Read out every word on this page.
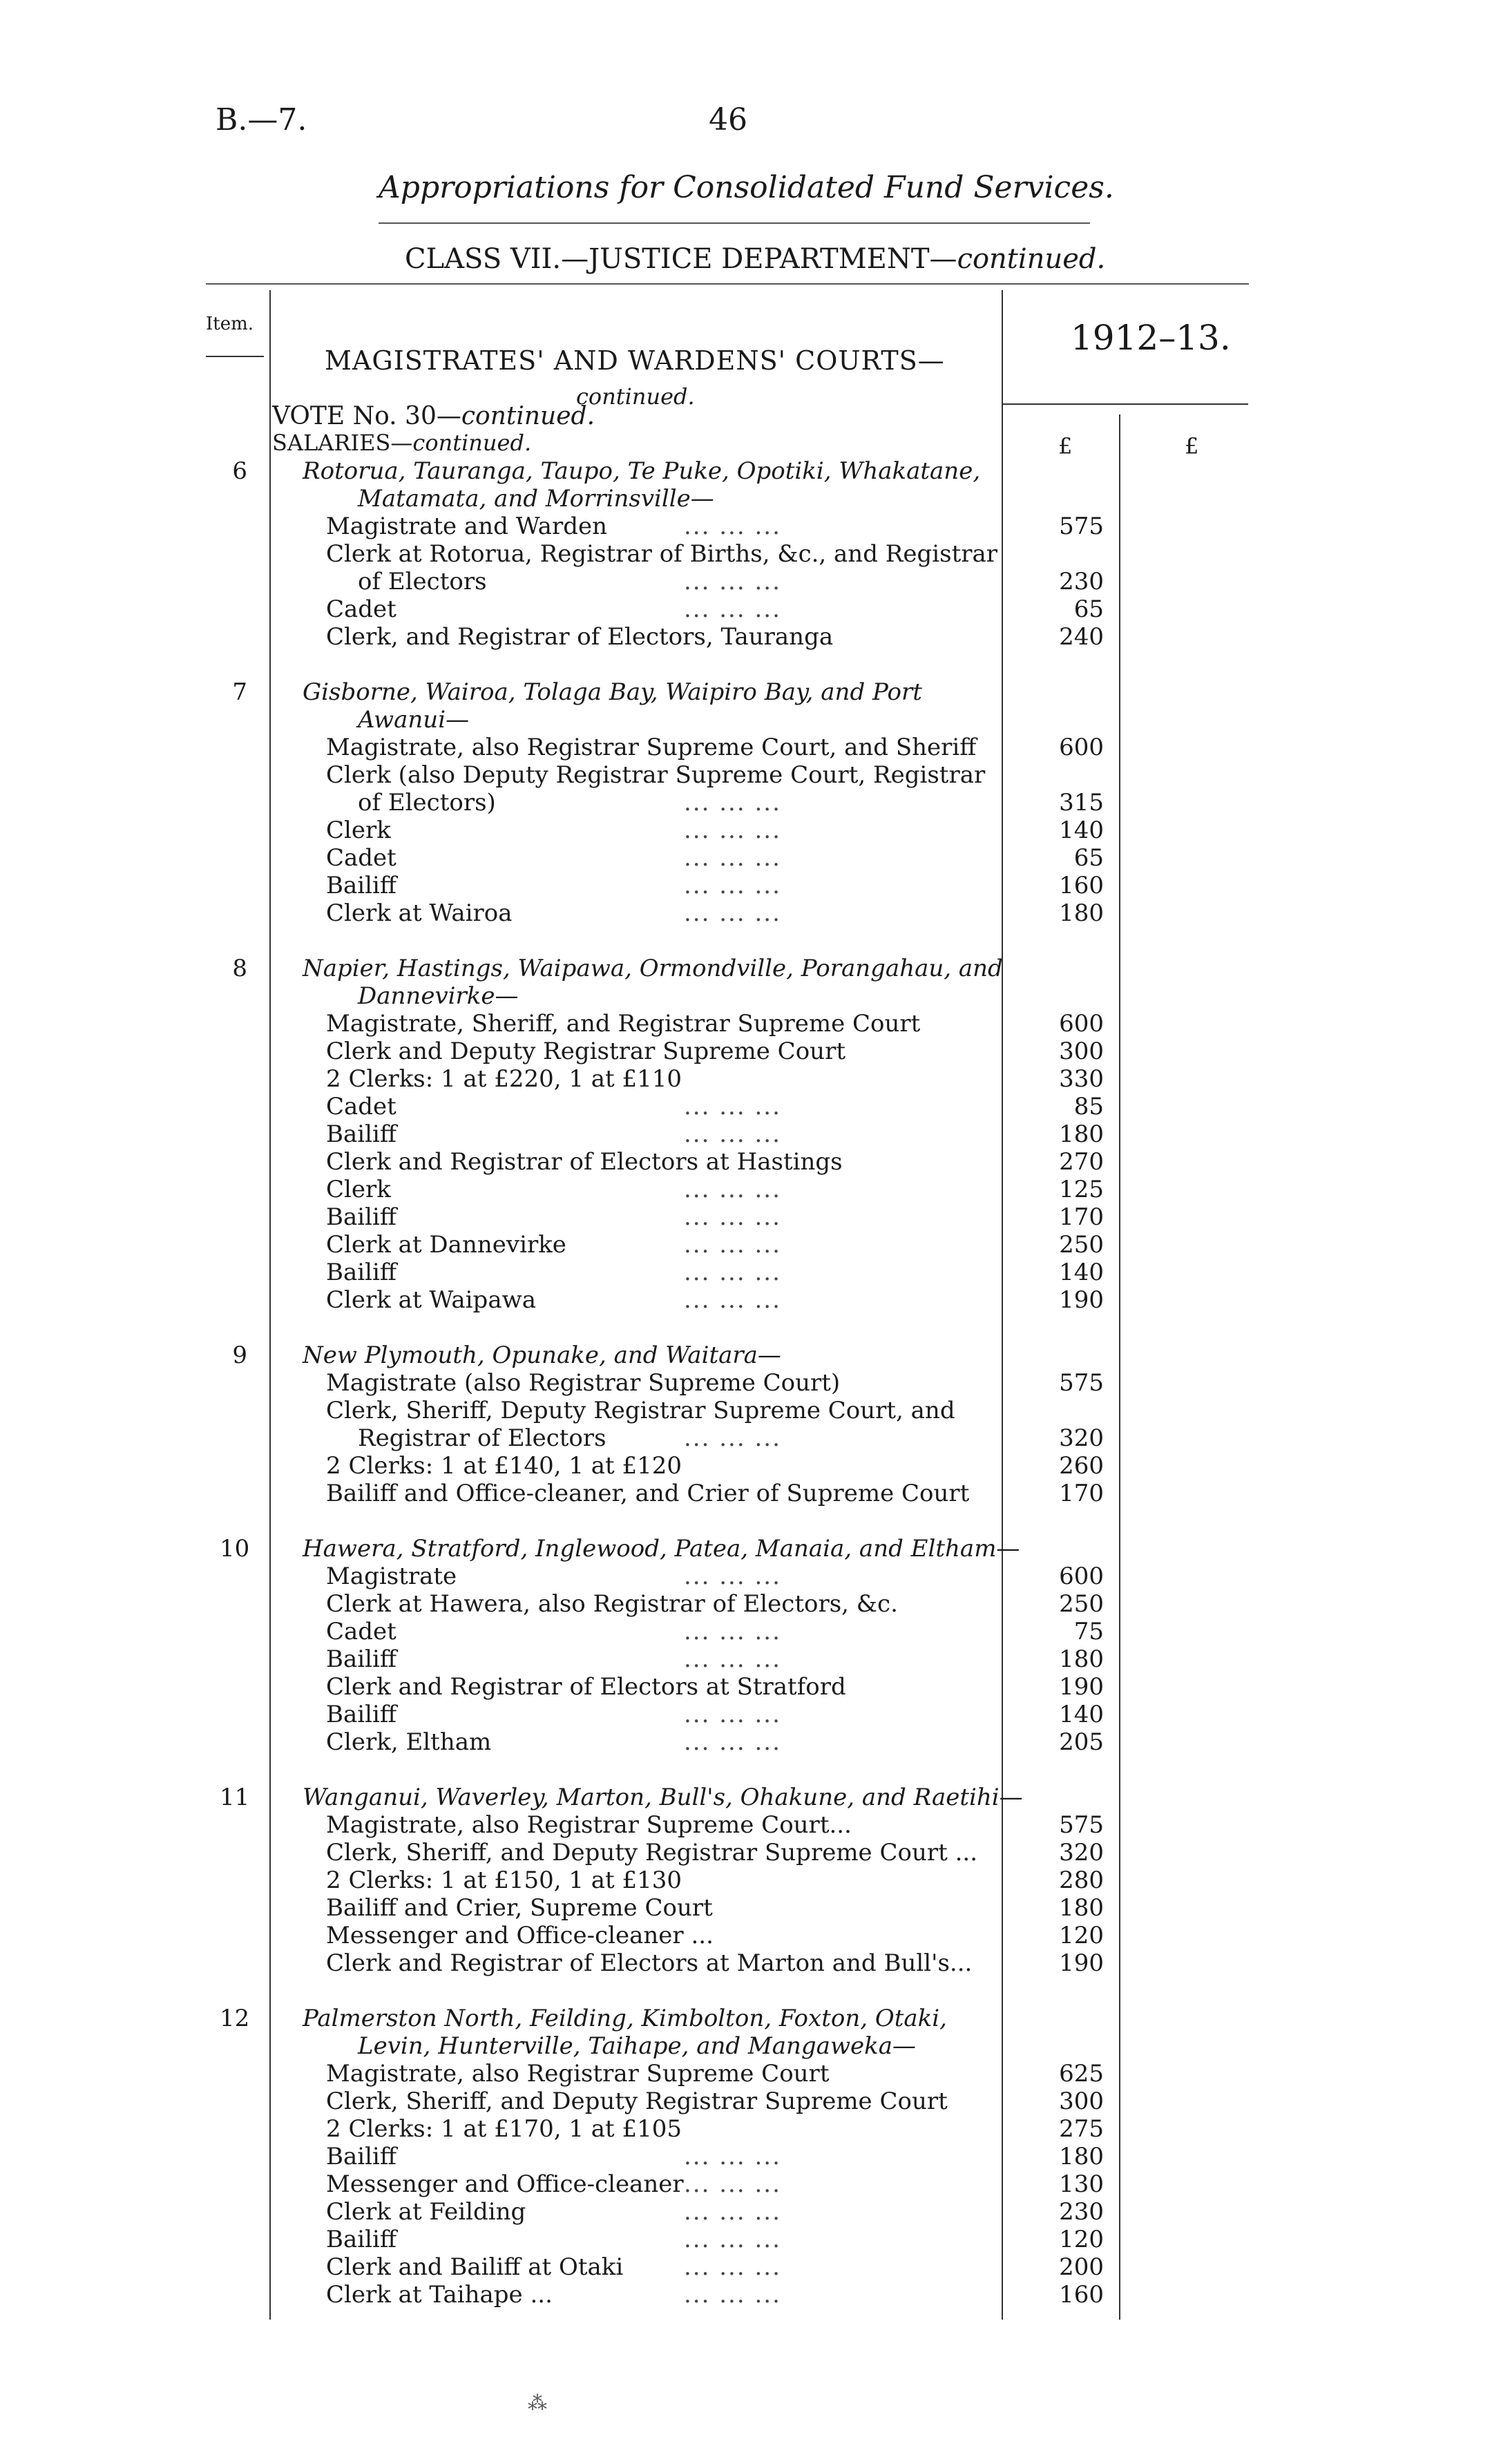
B.—7.	46
Appropriations for Consolidated Fund Services.
CLASS VII.—JUSTICE DEPARTMENT—continued.
Item.
MAGISTRATES' AND WARDENS' COURTS—
continued.
1912–13.
VOTE No. 30—continued.
SALARIES—continued.	£	£
6 Rotorua, Tauranga, Taupo, Te Puke, Opotiki, Whakatane,
Matamata, and Morrinsville—
Magistrate and Warden	... ... ...	575
Clerk at Rotorua, Registrar of Births, &c., and Registrar
of Electors	... ... ...	230
Cadet	... ... ...	65
Clerk, and Registrar of Electors, Tauranga	240
7 Gisborne, Wairoa, Tolaga Bay, Waipiro Bay, and Port
Awanui—
Magistrate, also Registrar Supreme Court, and Sheriff	600
Clerk (also Deputy Registrar Supreme Court, Registrar
of Electors)	... ... ...	315
Clerk	... ... ...	140
Cadet	... ... ...	65
Bailiff	... ... ...	160
Clerk at Wairoa	... ... ...	180
8 Napier, Hastings, Waipawa, Ormondville, Porangahau, and
Dannevirke—
Magistrate, Sheriff, and Registrar Supreme Court	600
Clerk and Deputy Registrar Supreme Court	300
2 Clerks: 1 at £220, 1 at £110	330
Cadet	... ... ...	85
Bailiff	... ... ...	180
Clerk and Registrar of Electors at Hastings	270
Clerk	... ... ...	125
Bailiff	... ... ...	170
Clerk at Dannevirke	... ... ...	250
Bailiff	... ... ...	140
Clerk at Waipawa	... ... ...	190
9 New Plymouth, Opunake, and Waitara—
Magistrate (also Registrar Supreme Court)	575
Clerk, Sheriff, Deputy Registrar Supreme Court, and
Registrar of Electors	... ... ...	320
2 Clerks: 1 at £140, 1 at £120	260
Bailiff and Office-cleaner, and Crier of Supreme Court	170
10 Hawera, Stratford, Inglewood, Patea, Manaia, and Eltham—
Magistrate	... ... ...	600
Clerk at Hawera, also Registrar of Electors, &c.	250
Cadet	... ... ...	75
Bailiff	... ... ...	180
Clerk and Registrar of Electors at Stratford	190
Bailiff	... ... ...	140
Clerk, Eltham	... ... ...	205
11 Wanganui, Waverley, Marton, Bull's, Ohakune, and Raetihi—
Magistrate, also Registrar Supreme Court...	575
Clerk, Sheriff, and Deputy Registrar Supreme Court ...	320
2 Clerks: 1 at £150, 1 at £130	280
Bailiff and Crier, Supreme Court	180
Messenger and Office-cleaner ...	120
Clerk and Registrar of Electors at Marton and Bull's...	190
12 Palmerston North, Feilding, Kimbolton, Foxton, Otaki,
Levin, Hunterville, Taihape, and Mangaweka—
Magistrate, also Registrar Supreme Court	625
Clerk, Sheriff, and Deputy Registrar Supreme Court	300
2 Clerks: 1 at £170, 1 at £105	275
Bailiff	... ... ...	180
Messenger and Office-cleaner ... ... ...	130
Clerk at Feilding	... ... ...	230
Bailiff	... ... ...	120
Clerk and Bailiff at Otaki	... ... ...	200
Clerk at Taihape ...	... ... ...	160
⁂
